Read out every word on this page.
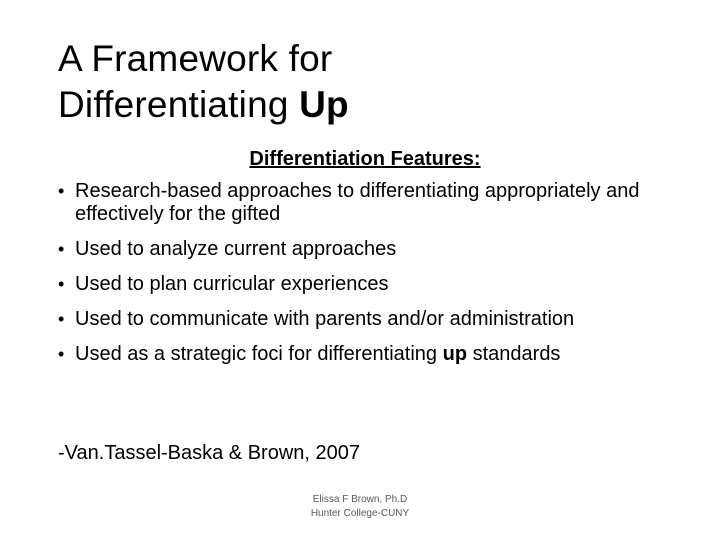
A Framework for
Differentiating Up
Differentiation Features:
• Research-based approaches to differentiating appropriately and effectively for the gifted
• Used to analyze current approaches
• Used to plan curricular experiences
• Used to communicate with parents and/or administration
• Used as a strategic foci for differentiating up standards
-Van.Tassel-Baska & Brown, 2007
Elissa F Brown, Ph.D
Hunter College-CUNY
